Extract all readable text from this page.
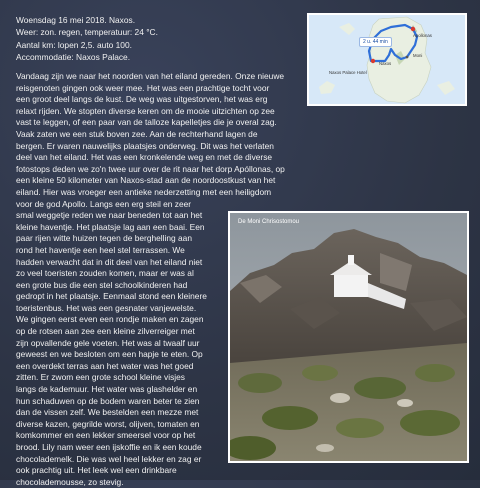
Woensdag 16 mei 2018. Naxos.
Weer: zon. regen, temperatuur: 24 °C.
Aantal km: lopen 2,5. auto 100.
Accommodatie: Naxos Palace.
2 u. 44 min
Apollonas
Moni
Naxos
Naxos Palace Hotel

Vandaag zijn we naar het noorden van het eiland gereden. Onze nieuwe
reisgenoten gingen ook weer mee. Het was een prachtige tocht voor
een groot deel langs de kust. De weg was uitgestorven, het was erg
relaxt rijden. We stopten diverse keren om de mooie uitzichten op zee
vast te leggen, of een paar van de talloze kapelletjes die je overal zag.
Vaak zaten we een stuk boven zee. Aan de rechterhand lagen de
bergen. Er waren nauwelijks plaatsjes onderweg. Dit was het verlaten
deel van het eiland. Het was een kronkelende weg en met de diverse
fotostops deden we zo'n twee uur over de rit naar het dorp Apóllonas, op
een kleine 50 kilometer van Naxos-stad aan de noordoostkust van het
eiland. Hier was vroeger een antieke nederzetting met een heiligdom
voor de god Apollo. Langs een erg steil en zeer

smal weggetje reden we naar beneden tot aan het
kleine haventje. Het plaatsje lag aan een baai. Een
paar rijen witte huizen tegen de berghelling aan
rond het haventje een heel stel terrassen. We
hadden verwacht dat in dit deel van het eiland niet
zo veel toeristen zouden komen, maar er was al
een grote bus die een stel schoolkinderen had
gedropt in het plaatsje. Eenmaal stond een kleinere
toeristenbus. Het was een gesnater vanjewelste.
We gingen eerst even een rondje maken en zagen
op de rotsen aan zee een kleine zilverreiger met
zijn opvallende gele voeten. Het was al twaalf uur
geweest en we besloten om een hapje te eten. Op
een overdekt terras aan het water was het goed
zitten. Er zwom een grote school kleine visjes
langs de kademuur. Het water was glashelder en
hun schaduwen op de bodem waren beter te zien
dan de vissen zelf. We bestelden een mezze met
diverse kazen, gegrilde worst, olijven, tomaten en
komkommer en een lekker smeersel voor op het
brood. Lily nam weer een ijskoffie en ik een koude
chocolademelk. Die was wel heel lekker en zag er
ook prachtig uit. Het leek wel een drinkbare
chocolademousse, zo stevig.

De Moni Chrisostomou
